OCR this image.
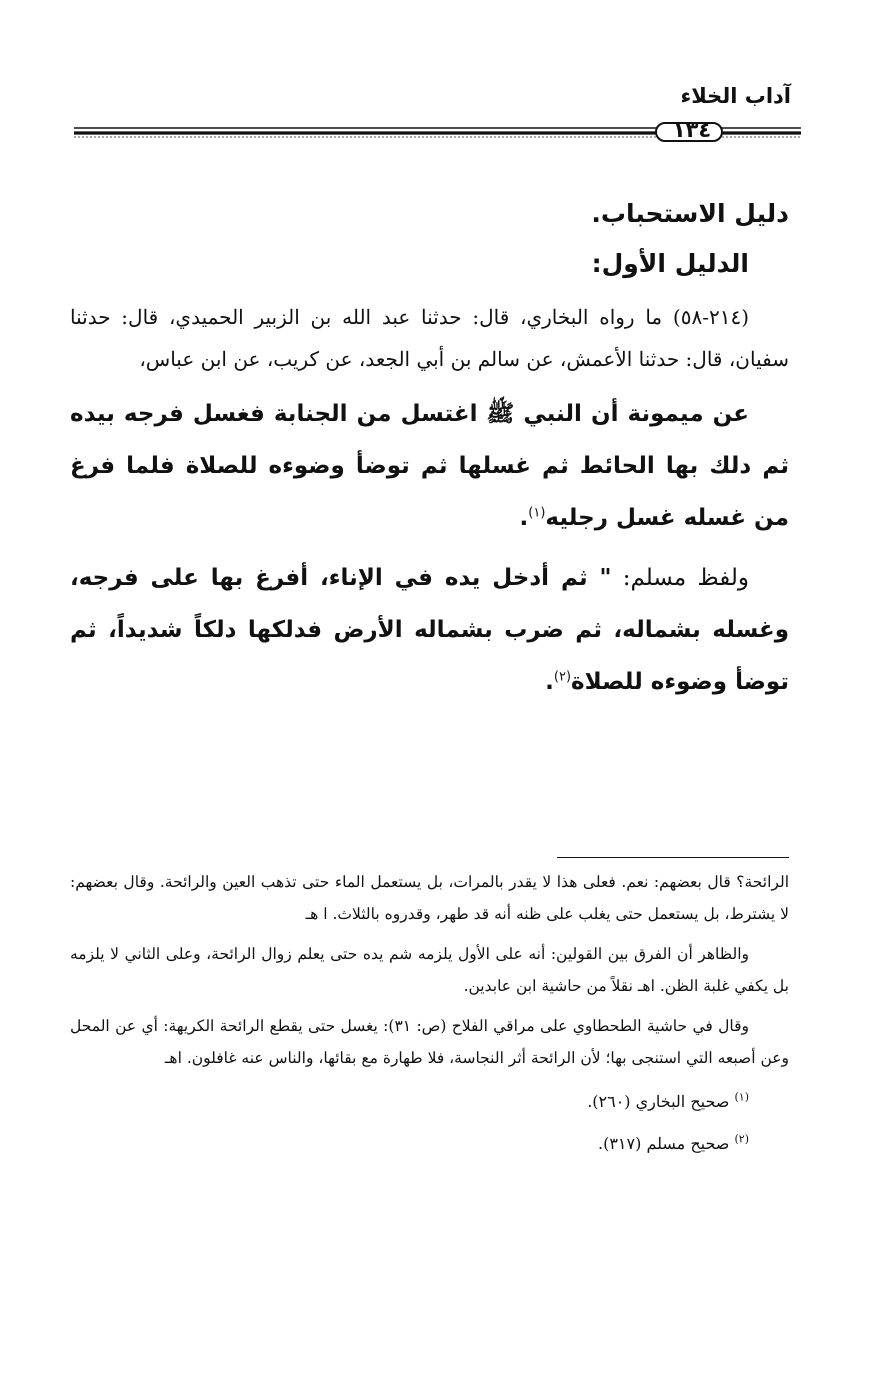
آداب الخلاء
١٣٤

دليل الاستحباب.

الدليل الأول:

(٢١٤-٥٨) ما رواه البخاري، قال: حدثنا عبد الله بن الزبير الحميدي، قال: حدثنا سفيان، قال: حدثنا الأعمش، عن سالم بن أبي الجعد، عن كريب، عن ابن عباس،

عن ميمونة أن النبي ﷺ اغتسل من الجنابة فغسل فرجه بيده ثم دلك بها الحائط ثم غسلها ثم توضأ وضوءه للصلاة فلما فرغ من غسله غسل رجليه$^{(١)}$.

ولفظ مسلم: " ثم أدخل يده في الإناء، أفرغ بها على فرجه، وغسله بشماله، ثم ضرب بشماله الأرض فدلكها دلكاً شديداً، ثم توضأ وضوءه للصلاة$^{(٢)}$.

الرائحة؟ قال بعضهم: نعم. فعلى هذا لا يقدر بالمرات، بل يستعمل الماء حتى تذهب العين والرائحة. وقال بعضهم: لا يشترط، بل يستعمل حتى يغلب على ظنه أنه قد طهر، وقدروه بالثلاث. ا هـ

والظاهر أن الفرق بين القولين: أنه على الأول يلزمه شم يده حتى يعلم زوال الرائحة، وعلى الثاني لا يلزمه بل يكفي غلبة الظن. اهـ نقلاً من حاشية ابن عابدين.

وقال في حاشية الطحطاوي على مراقي الفلاح (ص: ٣١): يغسل حتى يقطع الرائحة الكريهة: أي عن المحل وعن أصبعه التي استنجى بها؛ لأن الرائحة أثر النجاسة، فلا طهارة مع بقائها، والناس عنه غافلون. اهـ

$^{(١)}$ صحيح البخاري (٢٦٠).

$^{(٢)}$ صحيح مسلم (٣١٧).
